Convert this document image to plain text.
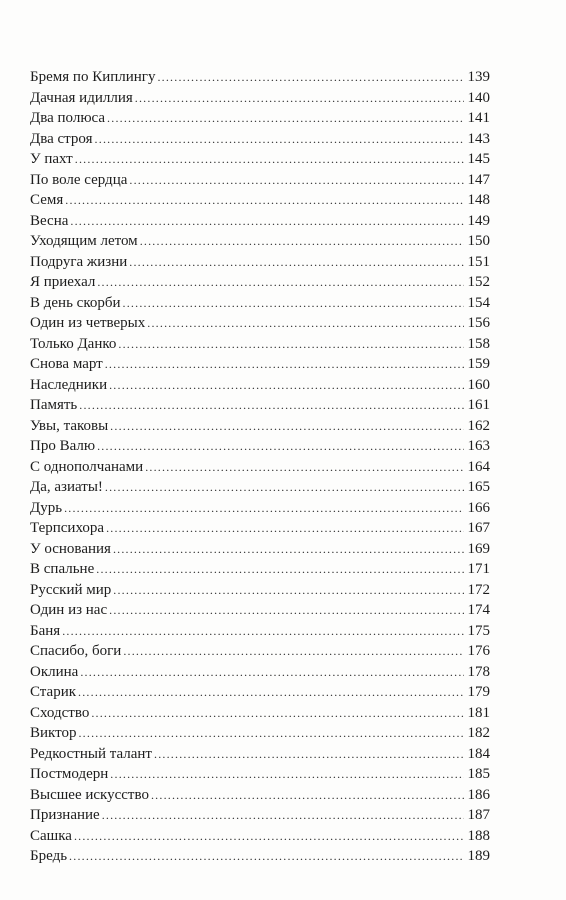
Бремя по Киплингу .....	139
Дачная идиллия .....	140
Два полюса .....	141
Два строя .....	143
У пахт .....	145
По воле сердца .....	147
Семя .....	148
Весна .....	149
Уходящим летом .....	150
Подруга жизни .....	151
Я приехал .....	152
В день скорби .....	154
Один из четверых .....	156
Только Данко .....	158
Снова март .....	159
Наследники .....	160
Память .....	161
Увы, таковы .....	162
Про Валю .....	163
С однополчанами .....	164
Да, азиаты! .....	165
Дурь .....	166
Терпсихора .....	167
У основания .....	169
В спальне .....	171
Русский мир .....	172
Один из нас .....	174
Баня .....	175
Спасибо, боги .....	176
Оклина .....	178
Старик .....	179
Сходство .....	181
Виктор .....	182
Редкостный талант .....	184
Постмодерн .....	185
Высшее искусство .....	186
Признание .....	187
Сашка .....	188
Бредь .....	189
